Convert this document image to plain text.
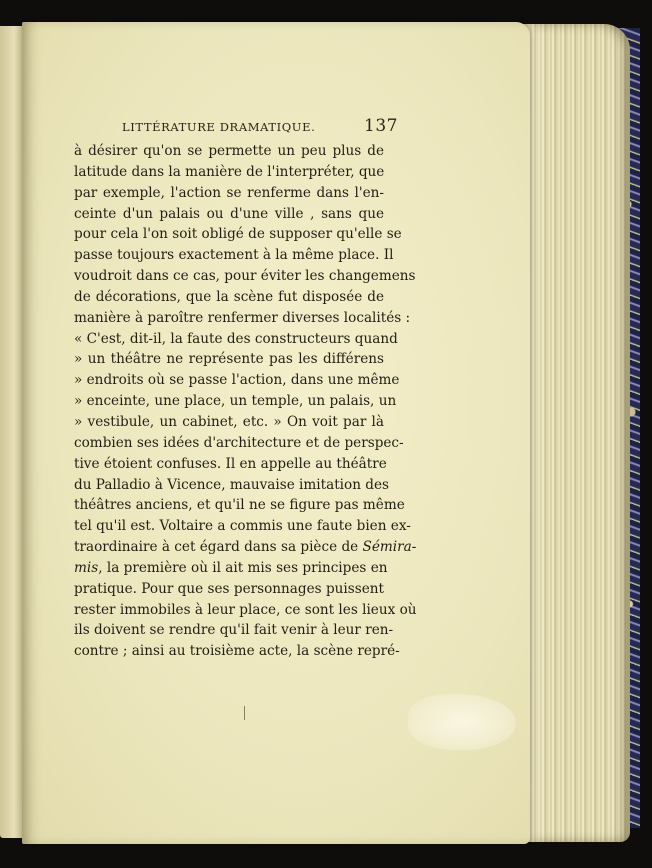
LITTÉRATURE DRAMATIQUE.	137
à désirer qu'on se permette un peu plus de
latitude dans la manière de l'interpréter, que
par exemple, l'action se renferme dans l'en-
ceinte d'un palais ou d'une ville , sans que
pour cela l'on soit obligé de supposer qu'elle se
passe toujours exactement à la même place. Il
voudroit dans ce cas, pour éviter les changemens
de décorations, que la scène fut disposée de
manière à paroître renfermer diverses localités :
« C'est, dit-il, la faute des constructeurs quand
» un théâtre ne représente pas les différens
» endroits où se passe l'action, dans une même
» enceinte, une place, un temple, un palais, un
» vestibule, un cabinet, etc. » On voit par là
combien ses idées d'architecture et de perspec-
tive étoient confuses. Il en appelle au théâtre
du Palladio à Vicence, mauvaise imitation des
théâtres anciens, et qu'il ne se figure pas même
tel qu'il est. Voltaire a commis une faute bien ex-
traordinaire à cet égard dans sa pièce de Sémira-
mis, la première où il ait mis ses principes en
pratique. Pour que ses personnages puissent
rester immobiles à leur place, ce sont les lieux où
ils doivent se rendre qu'il fait venir à leur ren-
contre ; ainsi au troisième acte, la scène repré-
